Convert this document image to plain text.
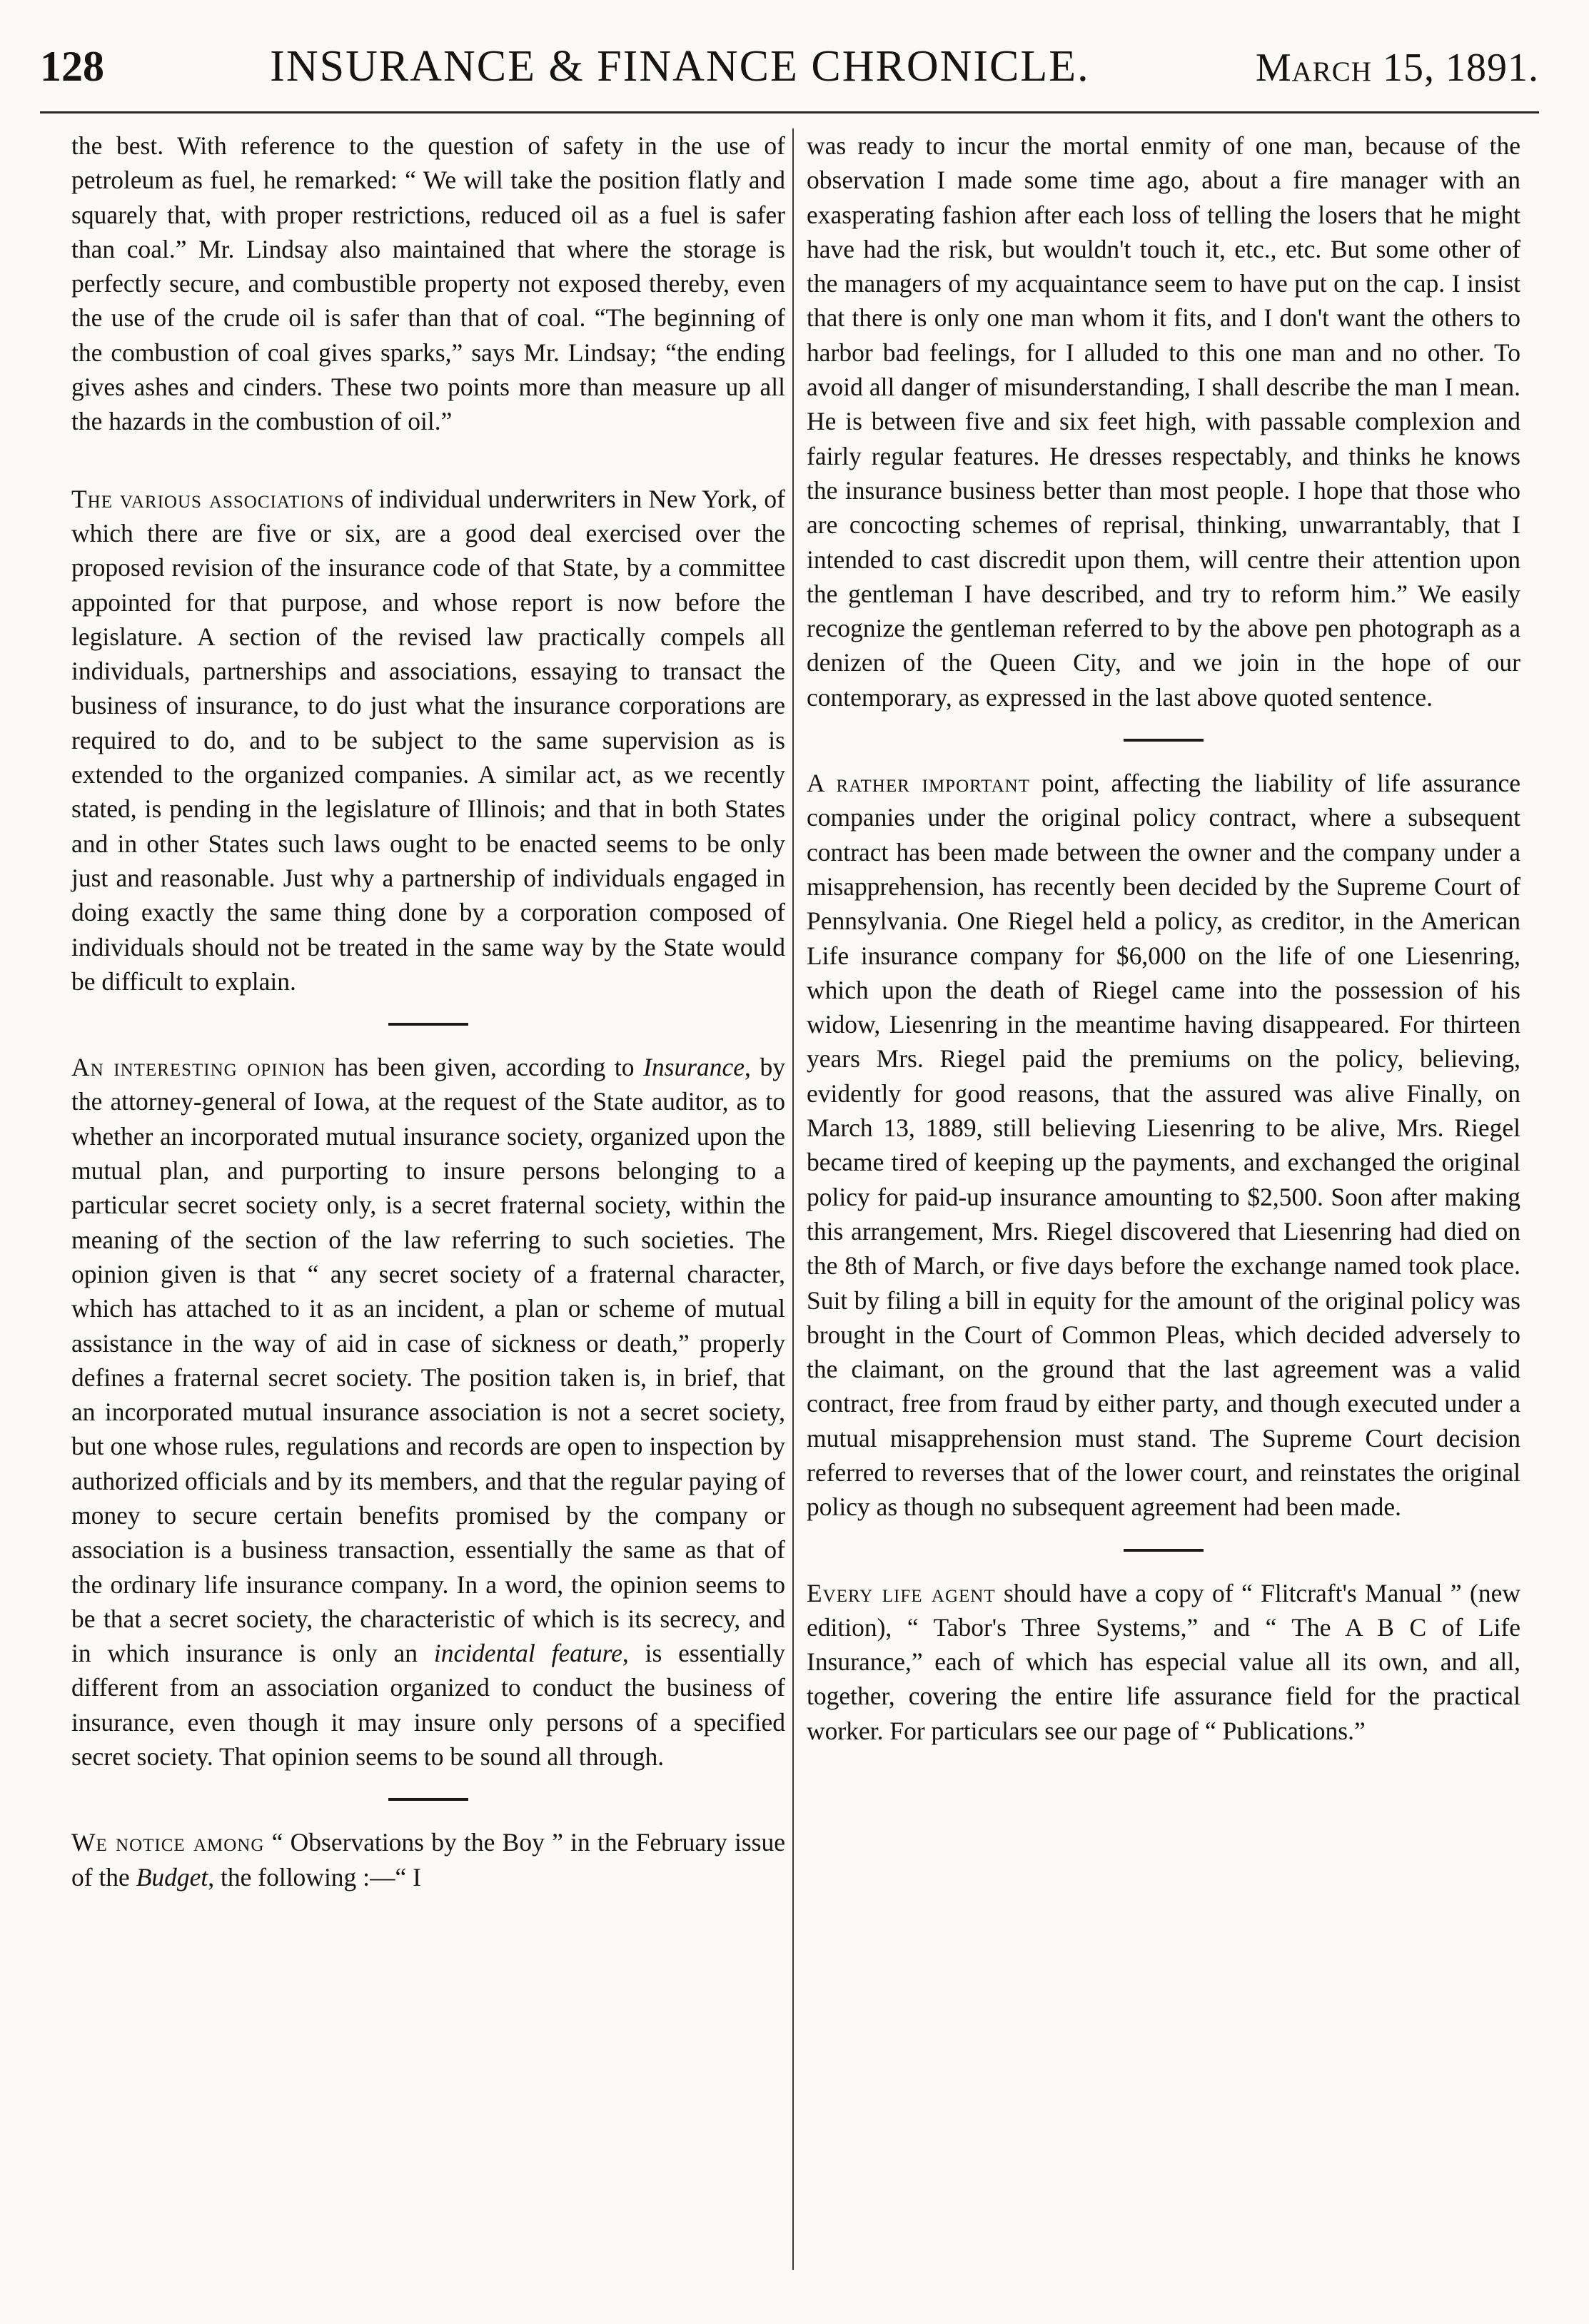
128	INSURANCE & FINANCE CHRONICLE.	March 15, 1891.

the best. With reference to the question of safety in the use of petroleum as fuel, he remarked: “ We will take the position flatly and squarely that, with proper restrictions, reduced oil as a fuel is safer than coal.” Mr. Lindsay also maintained that where the storage is perfectly secure, and combustible property not exposed thereby, even the use of the crude oil is safer than that of coal. “The beginning of the combustion of coal gives sparks,” says Mr. Lindsay; “the ending gives ashes and cinders. These two points more than measure up all the hazards in the combustion of oil.”

The various associations of individual underwriters in New York, of which there are five or six, are a good deal exercised over the proposed revision of the insurance code of that State, by a committee appointed for that purpose, and whose report is now before the legislature. A section of the revised law practically compels all individuals, partnerships and associations, essaying to transact the business of insurance, to do just what the insurance corporations are required to do, and to be subject to the same supervision as is extended to the organized companies. A similar act, as we recently stated, is pending in the legislature of Illinois; and that in both States and in other States such laws ought to be enacted seems to be only just and reasonable. Just why a partnership of individuals engaged in doing exactly the same thing done by a corporation composed of individuals should not be treated in the same way by the State would be difficult to explain.

An interesting opinion has been given, according to Insurance, by the attorney-general of Iowa, at the request of the State auditor, as to whether an incorporated mutual insurance society, organized upon the mutual plan, and purporting to insure persons belonging to a particular secret society only, is a secret fraternal society, within the meaning of the section of the law referring to such societies. The opinion given is that “ any secret society of a fraternal character, which has attached to it as an incident, a plan or scheme of mutual assistance in the way of aid in case of sickness or death,” properly defines a fraternal secret society. The position taken is, in brief, that an incorporated mutual insurance association is not a secret society, but one whose rules, regulations and records are open to inspection by authorized officials and by its members, and that the regular paying of money to secure certain benefits promised by the company or association is a business transaction, essentially the same as that of the ordinary life insurance company. In a word, the opinion seems to be that a secret society, the characteristic of which is its secrecy, and in which insurance is only an incidental feature, is essentially different from an association organized to conduct the business of insurance, even though it may insure only persons of a specified secret society. That opinion seems to be sound all through.

We notice among “ Observations by the Boy ” in the February issue of the Budget, the following :—“ I

was ready to incur the mortal enmity of one man, because of the observation I made some time ago, about a fire manager with an exasperating fashion after each loss of telling the losers that he might have had the risk, but wouldn't touch it, etc., etc. But some other of the managers of my acquaintance seem to have put on the cap. I insist that there is only one man whom it fits, and I don't want the others to harbor bad feelings, for I alluded to this one man and no other. To avoid all danger of misunderstanding, I shall describe the man I mean. He is between five and six feet high, with passable complexion and fairly regular features. He dresses respectably, and thinks he knows the insurance business better than most people. I hope that those who are concocting schemes of reprisal, thinking, unwarrantably, that I intended to cast discredit upon them, will centre their attention upon the gentleman I have described, and try to reform him.” We easily recognize the gentleman referred to by the above pen photograph as a denizen of the Queen City, and we join in the hope of our contemporary, as expressed in the last above quoted sentence.

A rather important point, affecting the liability of life assurance companies under the original policy contract, where a subsequent contract has been made between the owner and the company under a misapprehension, has recently been decided by the Supreme Court of Pennsylvania. One Riegel held a policy, as creditor, in the American Life insurance company for $6,000 on the life of one Liesenring, which upon the death of Riegel came into the possession of his widow, Liesenring in the meantime having disappeared. For thirteen years Mrs. Riegel paid the premiums on the policy, believing, evidently for good reasons, that the assured was alive Finally, on March 13, 1889, still believing Liesenring to be alive, Mrs. Riegel became tired of keeping up the payments, and exchanged the original policy for paid-up insurance amounting to $2,500. Soon after making this arrangement, Mrs. Riegel discovered that Liesenring had died on the 8th of March, or five days before the exchange named took place. Suit by filing a bill in equity for the amount of the original policy was brought in the Court of Common Pleas, which decided adversely to the claimant, on the ground that the last agreement was a valid contract, free from fraud by either party, and though executed under a mutual misapprehension must stand. The Supreme Court decision referred to reverses that of the lower court, and reinstates the original policy as though no subsequent agreement had been made.

Every life agent should have a copy of “ Flitcraft's Manual ” (new edition), “ Tabor's Three Systems,” and “ The A B C of Life Insurance,” each of which has especial value all its own, and all, together, covering the entire life assurance field for the practical worker. For particulars see our page of “ Publications.”
